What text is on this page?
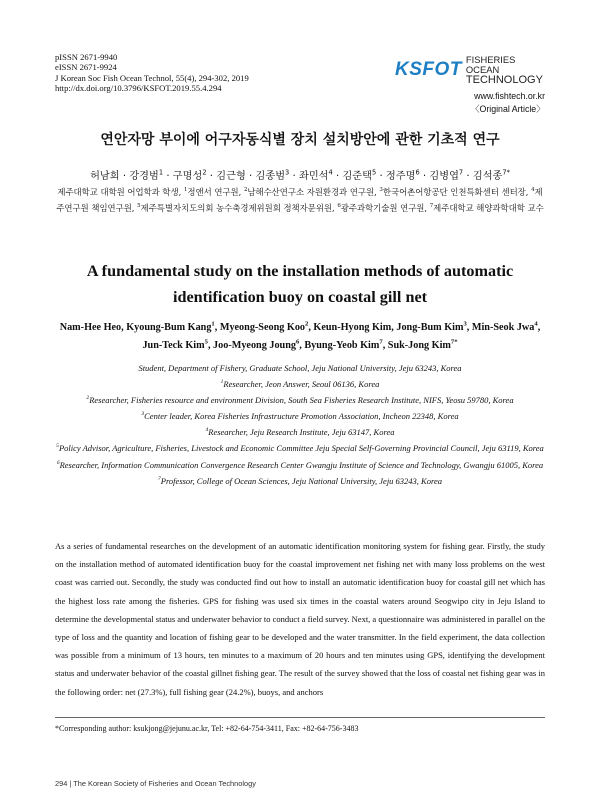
pISSN 2671-9940
eISSN 2671-9924
J Korean Soc Fish Ocean Technol, 55(4), 294-302, 2019
http://dx.doi.org/10.3796/KSFOT.2019.55.4.294
KSFOT FISHERIES OCEAN
TECHNOLOGY
www.fishtech.or.kr
〈Original Article〉
연안자망 부이에 어구자동식별 장치 설치방안에 관한 기초적 연구
허남희 · 강경범$^1$ · 구명성$^2$ · 김근형 · 김종범$^3$ · 좌민석$^4$ · 김준택$^5$ · 정주명$^6$ · 김병엽$^7$ · 김석종$^{7*}$
제주대학교 대학원 어업학과 학생, $^1$정앤서 연구원, $^2$남해수산연구소 자원환경과 연구원, $^3$한국어촌어항공단 인천특화센터 센터장, $^4$제주연구원 책임연구원, $^5$제주특별자치도의회 농수축경제위원회 정책자문위원, $^6$광주과학기술원 연구원, $^7$제주대학교 해양과학대학 교수
A fundamental study on the installation methods of automatic identification buoy on coastal gill net
Nam-Hee Heo, Kyoung-Bum Kang$^1$, Myeong-Seong Koo$^2$, Keun-Hyong Kim, Jong-Bum Kim$^3$, Min-Seok Jwa$^4$, Jun-Teck Kim$^5$, Joo-Myeong Joung$^6$, Byung-Yeob Kim$^7$, Suk-Jong Kim$^{7*}$
Student, Department of Fishery, Graduate School, Jeju National University, Jeju 63243, Korea
$^1$Researcher, Jeon Answer, Seoul 06136, Korea
$^2$Researcher, Fisheries resource and environment Division, South Sea Fisheries Research Institute, NIFS, Yeosu 59780, Korea
$^3$Center leader, Korea Fisheries Infrastructure Promotion Association, Incheon 22348, Korea
$^4$Researcher, Jeju Research Institute, Jeju 63147, Korea
$^5$Policy Advisor, Agriculture, Fisheries, Livestock and Economic Committee Jeju Special Self-Governing Provincial Council, Jeju 63119, Korea
$^6$Researcher, Information Communication Convergence Research Center Gwangju Institute of Science and Technology, Gwangju 61005, Korea
$^7$Professor, College of Ocean Sciences, Jeju National University, Jeju 63243, Korea
As a series of fundamental researches on the development of an automatic identification monitoring system for fishing gear. Firstly, the study on the installation method of automated identification buoy for the coastal improvement net fishing net with many loss problems on the west coast was carried out. Secondly, the study was conducted find out how to install an automatic identification buoy for coastal gill net which has the highest loss rate among the fisheries. GPS for fishing was used six times in the coastal waters around Seogwipo city in Jeju Island to determine the developmental status and underwater behavior to conduct a field survey. Next, a questionnaire was administered in parallel on the type of loss and the quantity and location of fishing gear to be developed and the water transmitter. In the field experiment, the data collection was possible from a minimum of 13 hours, ten minutes to a maximum of 20 hours and ten minutes using GPS, identifying the development status and underwater behavior of the coastal gillnet fishing gear. The result of the survey showed that the loss of coastal net fishing gear was in the following order: net (27.3%), full fishing gear (24.2%), buoys, and anchors
*Corresponding author: ksukjong@jejunu.ac.kr, Tel: +82-64-754-3411, Fax: +82-64-756-3483
294 | The Korean Society of Fisheries and Ocean Technology
